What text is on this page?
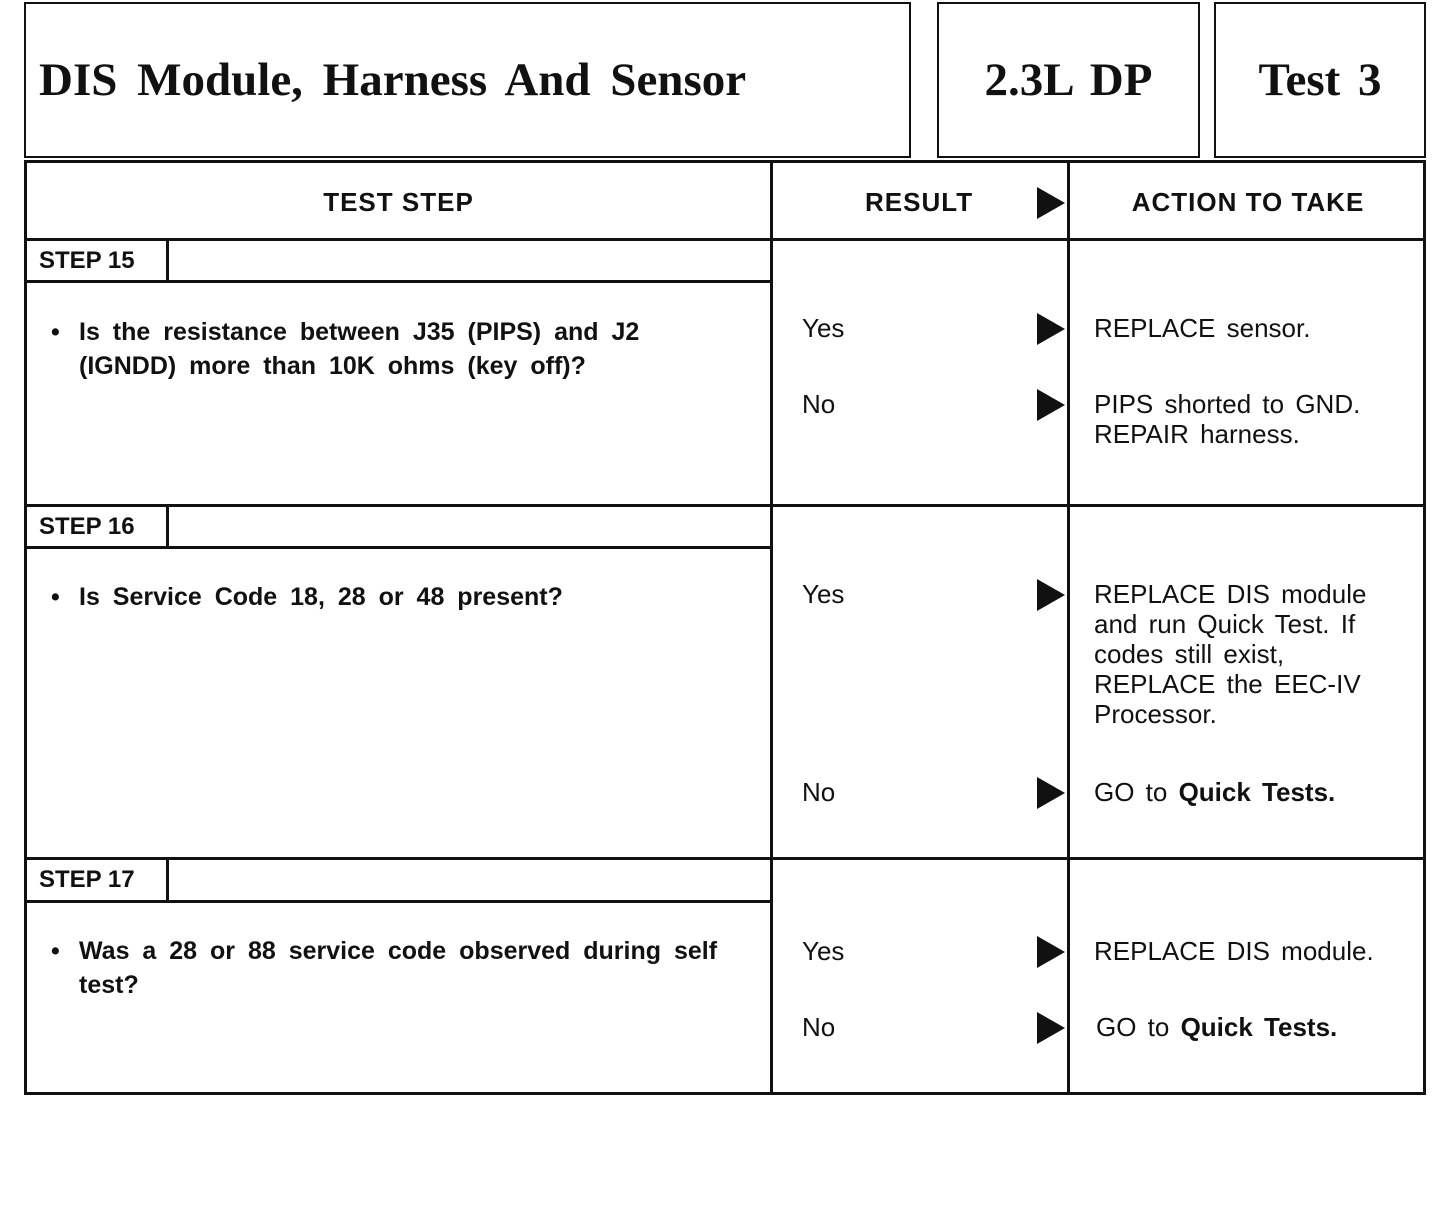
DIS Module, Harness And Sensor	2.3L DP	Test 3
TEST STEP	RESULT	ACTION TO TAKE
STEP 15
• Is the resistance between J35 (PIPS) and J2 (IGNDD) more than 10K ohms (key off)?
Yes	REPLACE sensor.
No	PIPS shorted to GND. REPAIR harness.
STEP 16
• Is Service Code 18, 28 or 48 present?	Yes	REPLACE DIS module and run Quick Test. If codes still exist, REPLACE the EEC-IV Processor.
No	GO to Quick Tests.
STEP 17
• Was a 28 or 88 service code observed during self test?
Yes	REPLACE DIS module.
No	GO to Quick Tests.
